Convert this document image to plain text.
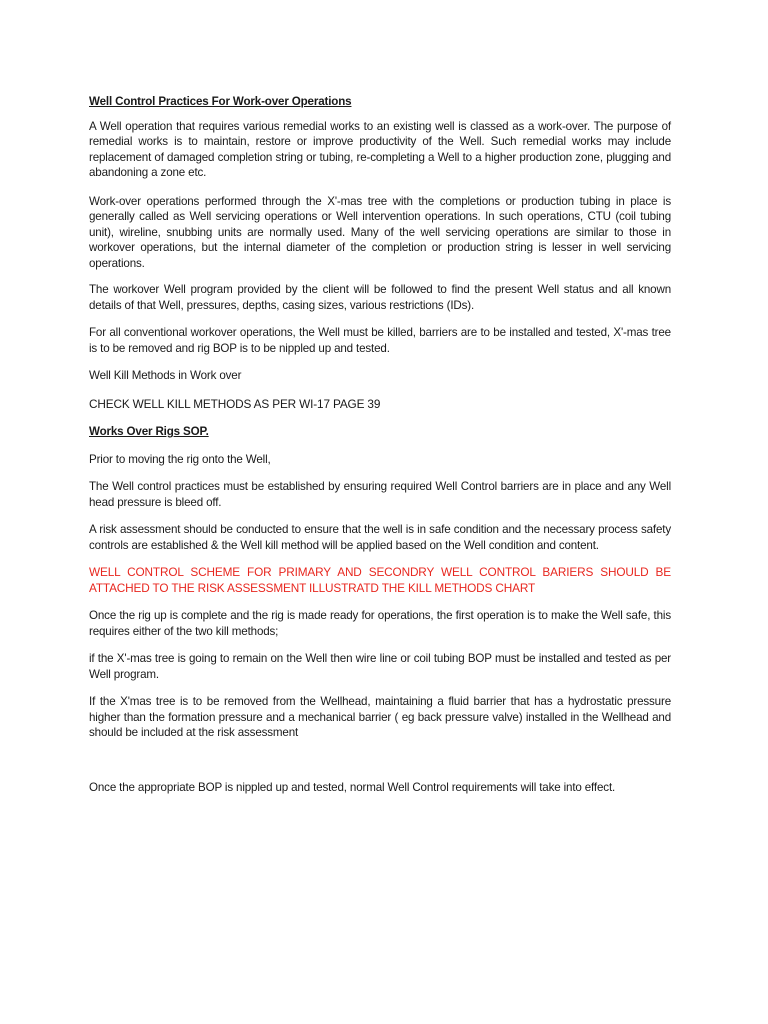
Well Control Practices For Work-over Operations

A Well operation that requires various remedial works to an existing well is classed as a work-over. The purpose of remedial works is to maintain, restore or improve productivity of the Well. Such remedial works may include replacement of damaged completion string or tubing, re-completing a Well to a higher production zone, plugging and abandoning a zone etc.

Work-over operations performed through the X'-mas tree with the completions or production tubing in place is generally called as Well servicing operations or Well intervention operations. In such operations, CTU (coil tubing unit), wireline, snubbing units are normally used. Many of the well servicing operations are similar to those in workover operations, but the internal diameter of the completion or production string is lesser in well servicing operations.

The workover Well program provided by the client will be followed to find the present Well status and all known details of that Well, pressures, depths, casing sizes, various restrictions (IDs).

For all conventional workover operations, the Well must be killed, barriers are to be installed and tested, X'-mas tree is to be removed and rig BOP is to be nippled up and tested.

Well Kill Methods in Work over

CHECK WELL KILL METHODS AS PER WI-17 PAGE 39

Works Over Rigs SOP.

Prior to moving the rig onto the Well,

The Well control practices must be established by ensuring required Well Control barriers are in place and any Well head pressure is bleed off.

A risk assessment should be conducted to ensure that the well is in safe condition and the necessary process safety controls are established & the Well kill method will be applied based on the Well condition and content.

WELL CONTROL SCHEME FOR PRIMARY AND SECONDRY WELL CONTROL BARIERS SHOULD BE ATTACHED TO THE RISK ASSESSMENT ILLUSTRATD THE KILL METHODS CHART

Once the rig up is complete and the rig is made ready for operations, the first operation is to make the Well safe, this requires either of the two kill methods;

if the X'-mas tree is going to remain on the Well then wire line or coil tubing BOP must be installed and tested as per Well program.

If the X'mas tree is to be removed from the Wellhead, maintaining a fluid barrier that has a hydrostatic pressure higher than the formation pressure and a mechanical barrier ( eg back pressure valve) installed in the Wellhead and should be included at the risk assessment

Once the appropriate BOP is nippled up and tested, normal Well Control requirements will take into effect.
